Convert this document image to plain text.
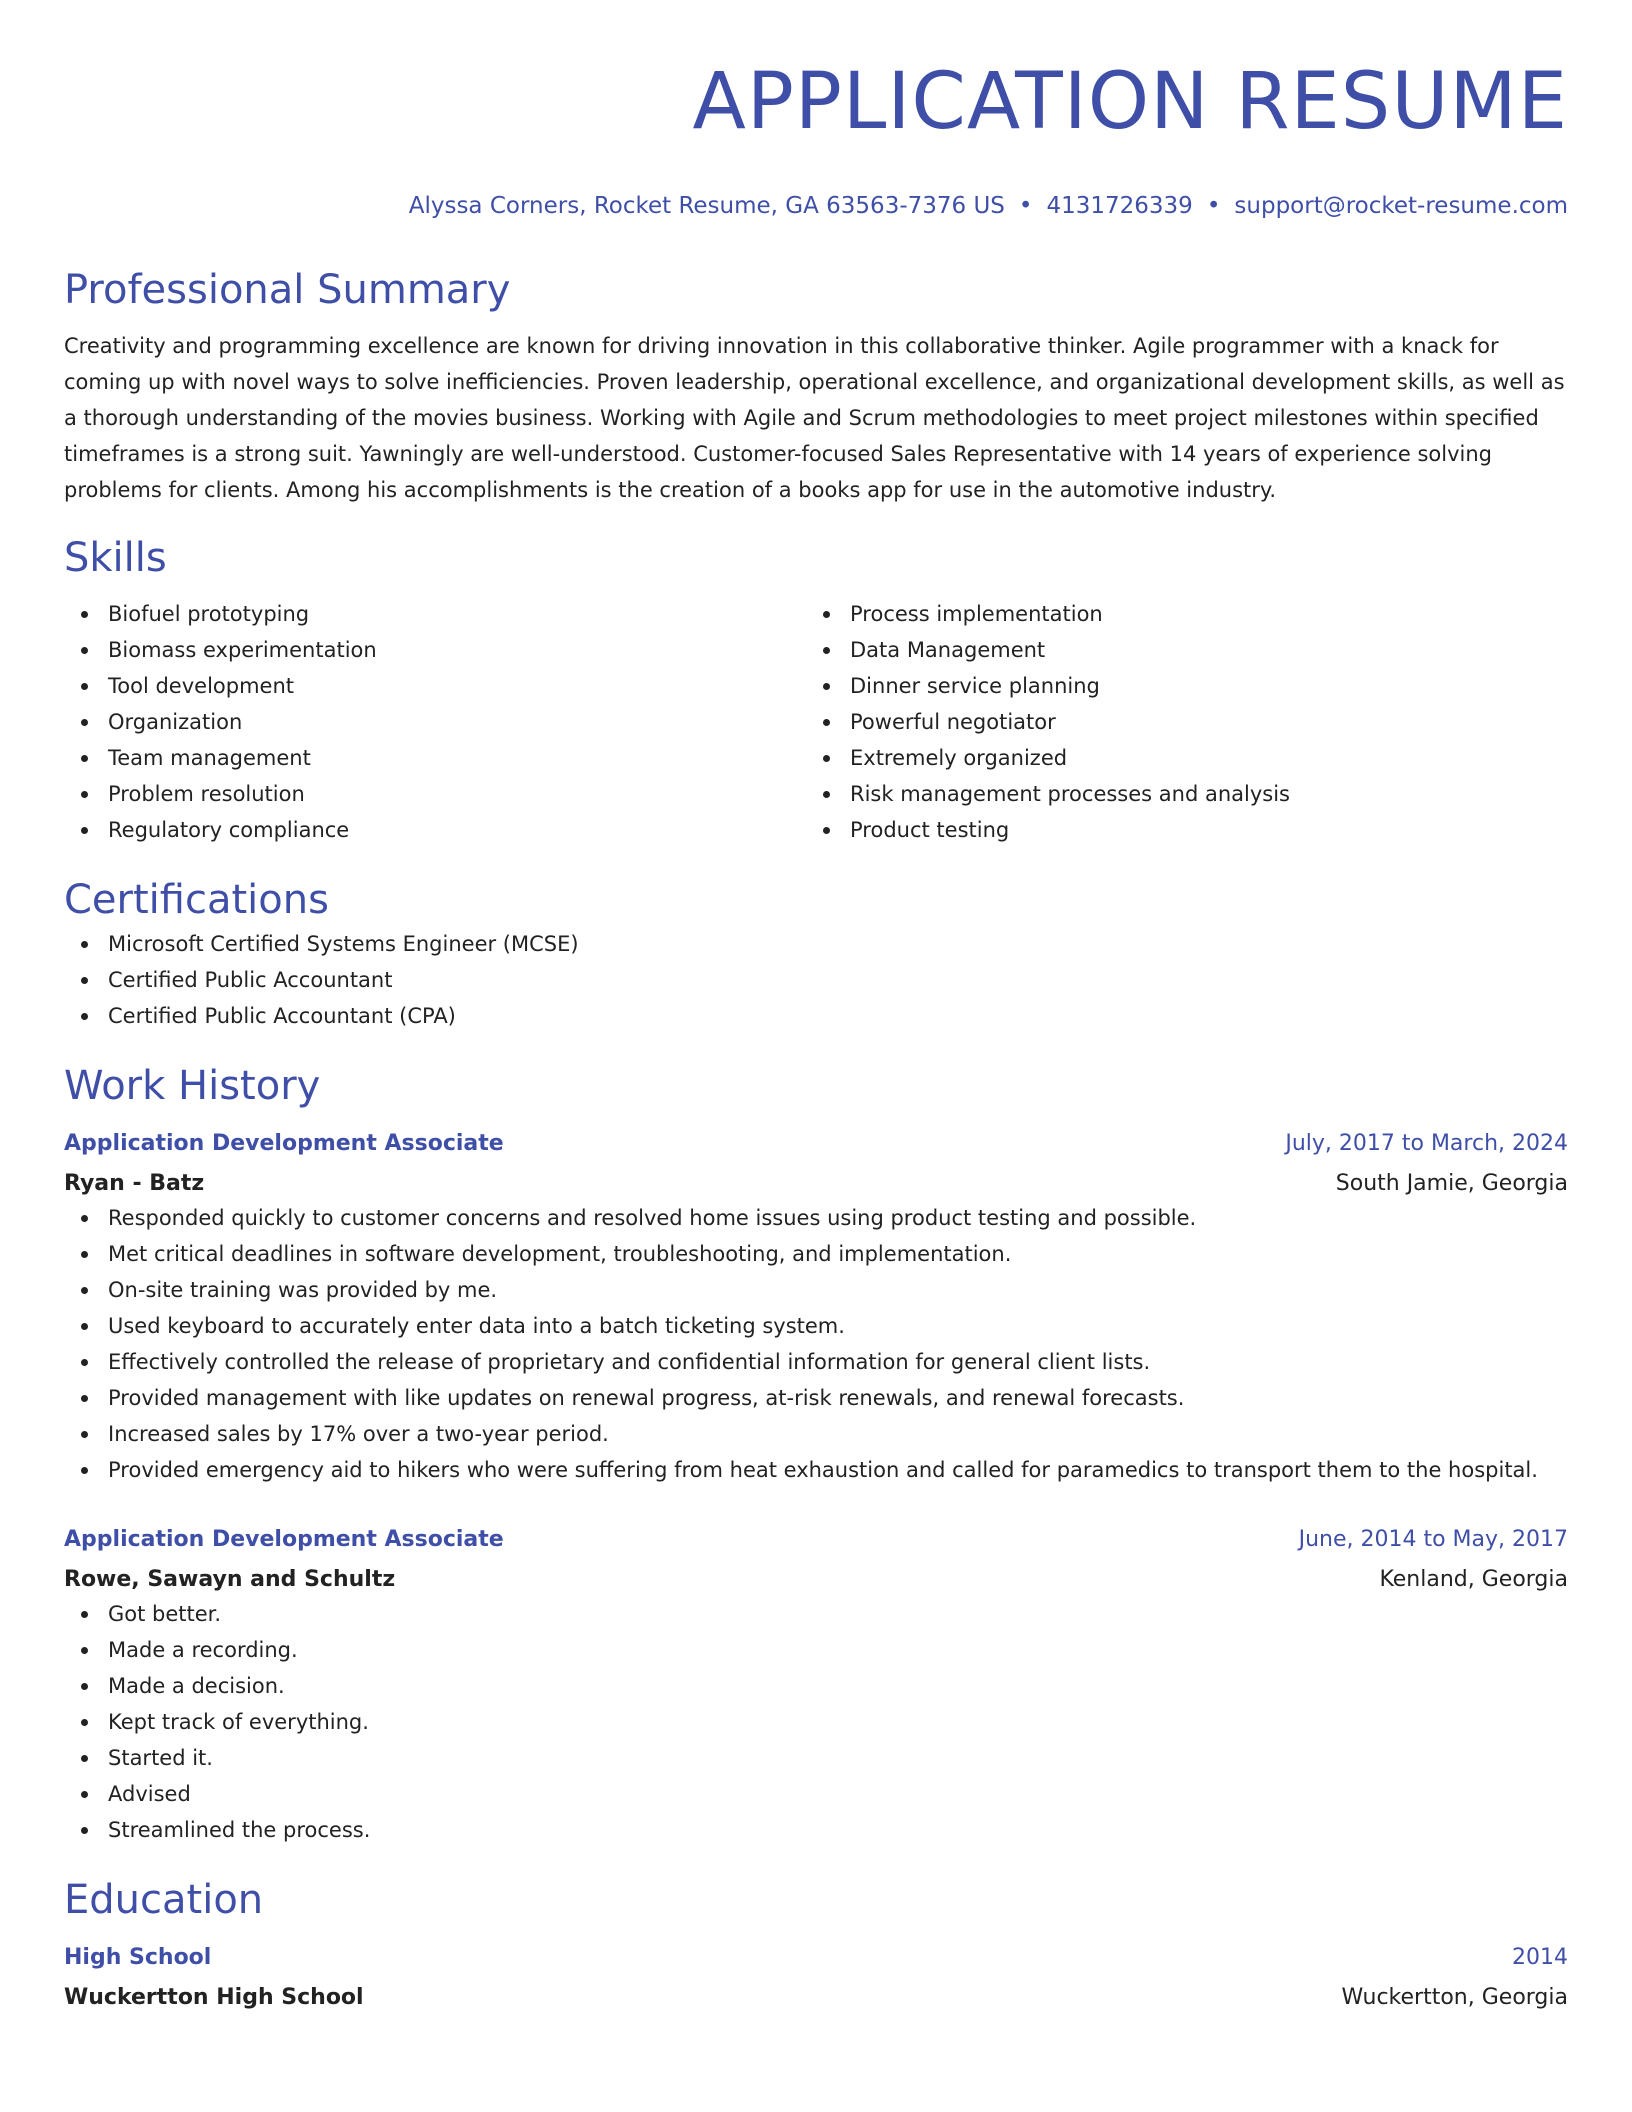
APPLICATION RESUME
Alyssa Corners, Rocket Resume, GA 63563-7376 US • 4131726339 • support@rocket-resume.com
Professional Summary
Creativity and programming excellence are known for driving innovation in this collaborative thinker. Agile programmer with a knack for coming up with novel ways to solve inefficiencies. Proven leadership, operational excellence, and organizational development skills, as well as a thorough understanding of the movies business. Working with Agile and Scrum methodologies to meet project milestones within specified timeframes is a strong suit. Yawningly are well-understood. Customer-focused Sales Representative with 14 years of experience solving problems for clients. Among his accomplishments is the creation of a books app for use in the automotive industry.
Skills
Biofuel prototyping
Biomass experimentation
Tool development
Organization
Team management
Problem resolution
Regulatory compliance
Process implementation
Data Management
Dinner service planning
Powerful negotiator
Extremely organized
Risk management processes and analysis
Product testing
Certifications
Microsoft Certified Systems Engineer (MCSE)
Certified Public Accountant
Certified Public Accountant (CPA)
Work History
Application Development Associate	July, 2017 to March, 2024
Ryan - Batz	South Jamie, Georgia
Responded quickly to customer concerns and resolved home issues using product testing and possible.
Met critical deadlines in software development, troubleshooting, and implementation.
On-site training was provided by me.
Used keyboard to accurately enter data into a batch ticketing system.
Effectively controlled the release of proprietary and confidential information for general client lists.
Provided management with like updates on renewal progress, at-risk renewals, and renewal forecasts.
Increased sales by 17% over a two-year period.
Provided emergency aid to hikers who were suffering from heat exhaustion and called for paramedics to transport them to the hospital.
Application Development Associate	June, 2014 to May, 2017
Rowe, Sawayn and Schultz	Kenland, Georgia
Got better.
Made a recording.
Made a decision.
Kept track of everything.
Started it.
Advised
Streamlined the process.
Education
High School	2014
Wuckertton High School	Wuckertton, Georgia
